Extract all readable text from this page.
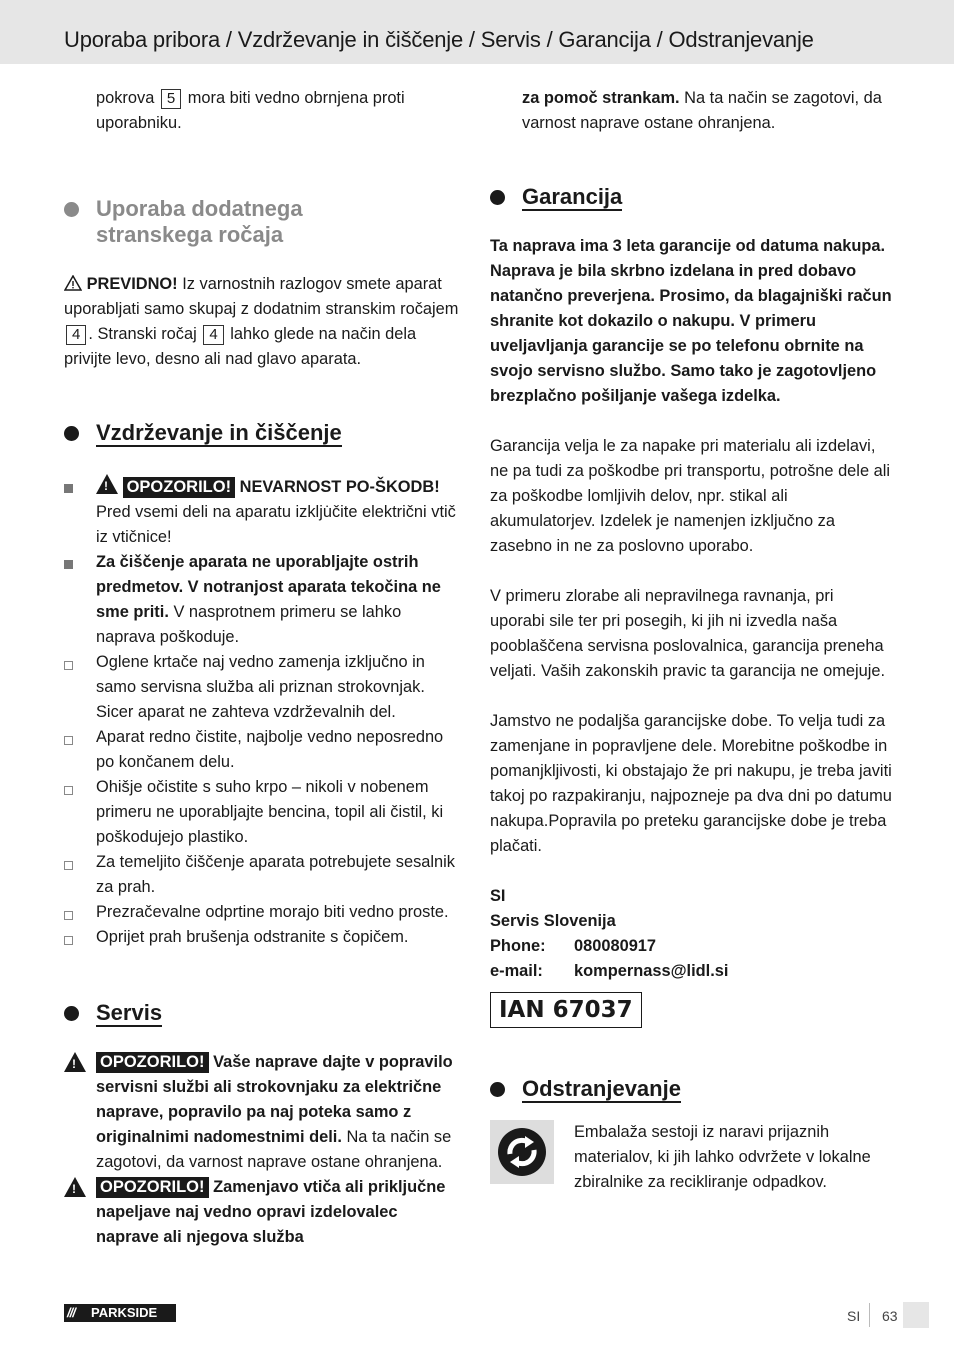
Uporaba pribora / Vzdrževanje in čiščenje / Servis / Garancija / Odstranjevanje

pokrova 5 mora biti vedno obrnjena proti uporabniku.

Uporaba dodatnega
stranskega ročaja

PREVIDNO! Iz varnostnih razlogov smete aparat uporabljati samo skupaj z dodatnim stranskim ročajem 4 . Stranski ročaj 4 lahko glede na način dela privijte levo, desno ali nad glavo aparata.

Vzdrževanje in čiščenje
! OPOZORILO! NEVARNOST PO-ŠKODB! Pred vsemi deli na aparatu izklju̇čite električni vtič iz vtičnice!
Za čiščenje aparata ne uporabljajte ostrih predmetov. V notranjost aparata tekočina ne sme priti. V nasprotnem primeru se lahko naprava poškoduje.
Oglene krtače naj vedno zamenja izključno in samo servisna služba ali priznan strokovnjak. Sicer aparat ne zahteva vzdrževalnih del.
Aparat redno čistite, najbolje vedno neposredno po končanem delu.
Ohišje očistite s suho krpo – nikoli v nobenem primeru ne uporabljajte bencina, topil ali čistil, ki poškodujejo plastiko.
Za temeljito čiščenje aparata potrebujete sesalnik za prah.
Prezračevalne odprtine morajo biti vedno proste.
Oprijet prah brušenja odstranite s čopičem.
Servis
!
OPOZORILO! Vaše naprave dajte v popravilo servisni službi ali strokovnjaku za električne naprave, popravilo pa naj poteka samo z originalnimi nadomestnimi deli. Na ta način se zagotovi, da varnost naprave ostane ohranjena.
!
OPOZORILO! Zamenjavo vtiča ali priključne napeljave naj vedno opravi izdelovalec naprave ali njegova služba

za pomoč strankam. Na ta način se zagotovi, da varnost naprave ostane ohranjena.

Garancija

Ta naprava ima 3 leta garancije od datuma nakupa. Naprava je bila skrbno izdelana in pred dobavo natančno preverjena. Prosimo, da blagajniški račun shranite kot dokazilo o nakupu. V primeru uveljavljanja garancije se po telefonu obrnite na svojo servisno službo. Samo tako je zagotovljeno brezplačno pošiljanje vašega izdelka.

Garancija velja le za napake pri materialu ali izdelavi, ne pa tudi za poškodbe pri transportu, potrošne dele ali za poškodbe lomljivih delov, npr. stikal ali akumulatorjev. Izdelek je namenjen izključno za zasebno in ne za poslovno uporabo.

V primeru zlorabe ali nepravilnega ravnanja, pri uporabi sile ter pri posegih, ki jih ni izvedla naša pooblaščena servisna poslovalnica, garancija preneha veljati. Vaših zakonskih pravic ta garancija ne omejuje.

Jamstvo ne podaljša garancijske dobe. To velja tudi za zamenjane in popravljene dele. Morebitne poškodbe in pomanjkljivosti, ki obstajajo že pri nakupu, je treba javiti takoj po razpakiranju, najpozneje pa dva dni po datumu nakupa.Popravila po preteku garancijske dobe je treba plačati.

SI
Servis Slovenija
Phone: 080080917
e-mail: kompernass@lidl.si
IAN 67037
Odstranjevanje

Embalaža sestoji iz naravi prijaznih materialov, ki jih lahko odvržete v lokalne zbiralnike za recikliranje odpadkov.

/// PARKSIDE	SI 63
